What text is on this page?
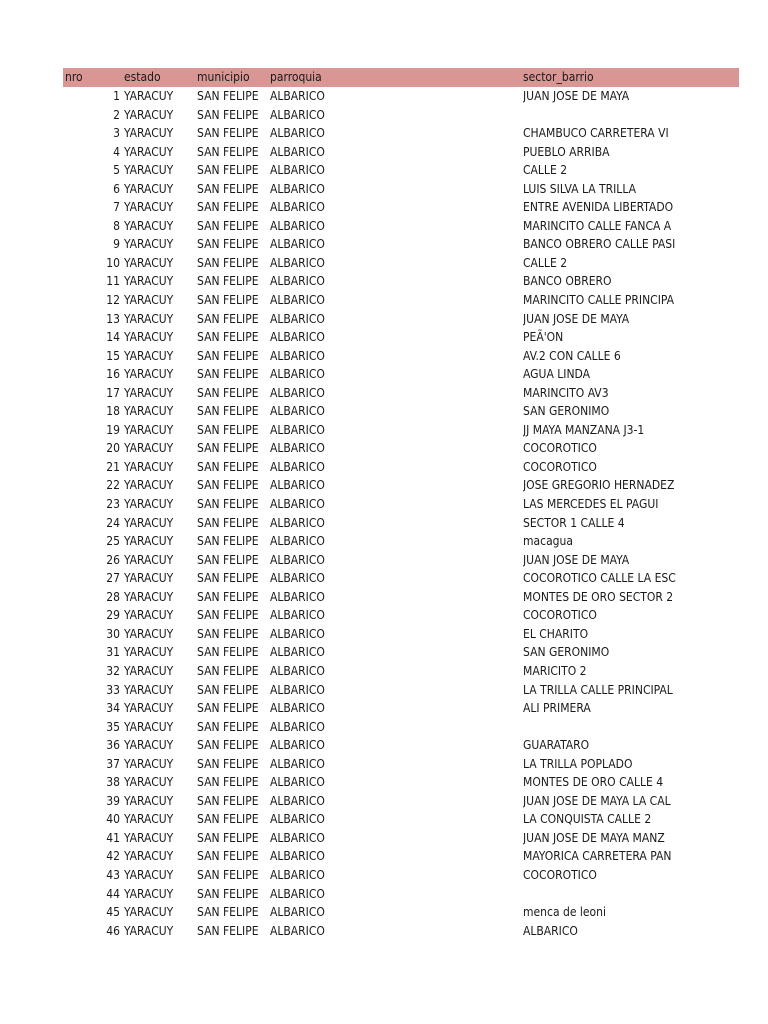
nro	estado	municipio parroquia	sector_barrio
1 YARACUY	SAN FELIPE ALBARICO	JUAN JOSE DE MAYA
2 YARACUY	SAN FELIPE ALBARICO
3 YARACUY	SAN FELIPE ALBARICO	CHAMBUCO CARRETERA VI
4 YARACUY	SAN FELIPE ALBARICO	PUEBLO ARRIBA
5 YARACUY	SAN FELIPE ALBARICO	CALLE 2
6 YARACUY	SAN FELIPE ALBARICO	LUIS SILVA LA TRILLA
7 YARACUY	SAN FELIPE ALBARICO	ENTRE AVENIDA LIBERTADO
8 YARACUY	SAN FELIPE ALBARICO	MARINCITO CALLE FANCA A
9 YARACUY	SAN FELIPE ALBARICO	BANCO OBRERO CALLE PASI
10 YARACUY	SAN FELIPE ALBARICO	CALLE 2
11 YARACUY	SAN FELIPE ALBARICO	BANCO OBRERO
12 YARACUY	SAN FELIPE ALBARICO	MARINCITO CALLE PRINCIPA
13 YARACUY	SAN FELIPE ALBARICO	JUAN JOSE DE MAYA
14 YARACUY	SAN FELIPE ALBARICO	PEÃ'ON
15 YARACUY	SAN FELIPE ALBARICO	AV.2 CON CALLE 6
16 YARACUY	SAN FELIPE ALBARICO	AGUA LINDA
17 YARACUY	SAN FELIPE ALBARICO	MARINCITO AV3
18 YARACUY	SAN FELIPE ALBARICO	SAN GERONIMO
19 YARACUY	SAN FELIPE ALBARICO	JJ MAYA MANZANA J3-1
20 YARACUY	SAN FELIPE ALBARICO	COCOROTICO
21 YARACUY	SAN FELIPE ALBARICO	COCOROTICO
22 YARACUY	SAN FELIPE ALBARICO	JOSE GREGORIO HERNADEZ
23 YARACUY	SAN FELIPE ALBARICO	LAS MERCEDES EL PAGUI
24 YARACUY	SAN FELIPE ALBARICO	SECTOR 1 CALLE 4
25 YARACUY	SAN FELIPE ALBARICO	macagua
26 YARACUY	SAN FELIPE ALBARICO	JUAN JOSE DE MAYA
27 YARACUY	SAN FELIPE ALBARICO	COCOROTICO CALLE LA ESC
28 YARACUY	SAN FELIPE ALBARICO	MONTES DE ORO SECTOR 2
29 YARACUY	SAN FELIPE ALBARICO	COCOROTICO
30 YARACUY	SAN FELIPE ALBARICO	EL CHARITO
31 YARACUY	SAN FELIPE ALBARICO	SAN GERONIMO
32 YARACUY	SAN FELIPE ALBARICO	MARICITO 2
33 YARACUY	SAN FELIPE ALBARICO	LA TRILLA CALLE PRINCIPAL
34 YARACUY	SAN FELIPE ALBARICO	ALI PRIMERA
35 YARACUY	SAN FELIPE ALBARICO
36 YARACUY	SAN FELIPE ALBARICO	GUARATARO
37 YARACUY	SAN FELIPE ALBARICO	LA TRILLA POPLADO
38 YARACUY	SAN FELIPE ALBARICO	MONTES DE ORO CALLE 4
39 YARACUY	SAN FELIPE ALBARICO	JUAN JOSE DE MAYA LA CAL
40 YARACUY	SAN FELIPE ALBARICO	LA CONQUISTA CALLE 2
41 YARACUY	SAN FELIPE ALBARICO	JUAN JOSE DE MAYA MANZ
42 YARACUY	SAN FELIPE ALBARICO	MAYORICA CARRETERA PAN
43 YARACUY	SAN FELIPE ALBARICO	COCOROTICO
44 YARACUY	SAN FELIPE ALBARICO
45 YARACUY	SAN FELIPE ALBARICO	menca de leoni
46 YARACUY	SAN FELIPE ALBARICO	ALBARICO
